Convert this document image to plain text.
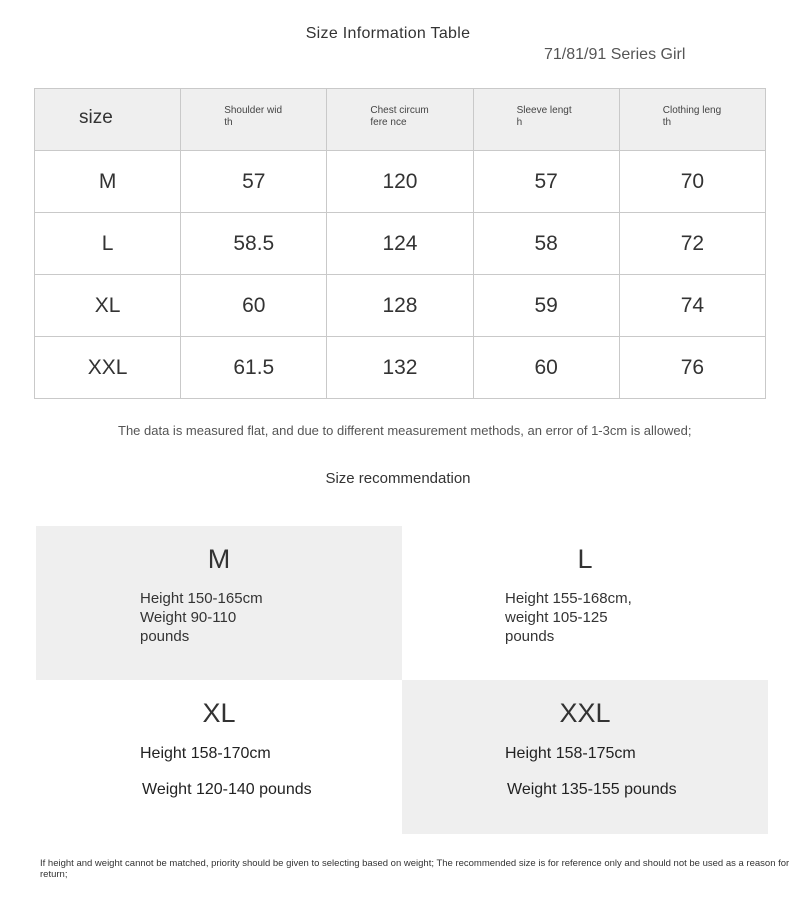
Size Information Table
71/81/91 Series Girl
size	Shoulder width	Chest circumfere nce	Sleeve length	Clothing length
M	57	120	57	70
L	58.5	124	58	72
XL	60	128	59	74
XXL	61.5	132	60	76
The data is measured flat, and due to different measurement methods, an error of 1-3cm is allowed;
Size recommendation
M
Height 150-165cm
Weight 90-110
pounds
L
Height 155-168cm,
weight 105-125
pounds
XL
Height 158-170cm
Weight 120-140 pounds
XXL
Height 158-175cm
Weight 135-155 pounds
If height and weight cannot be matched, priority should be given to selecting based on weight; The recommended size is for reference only and should not be used as a reason for return;
